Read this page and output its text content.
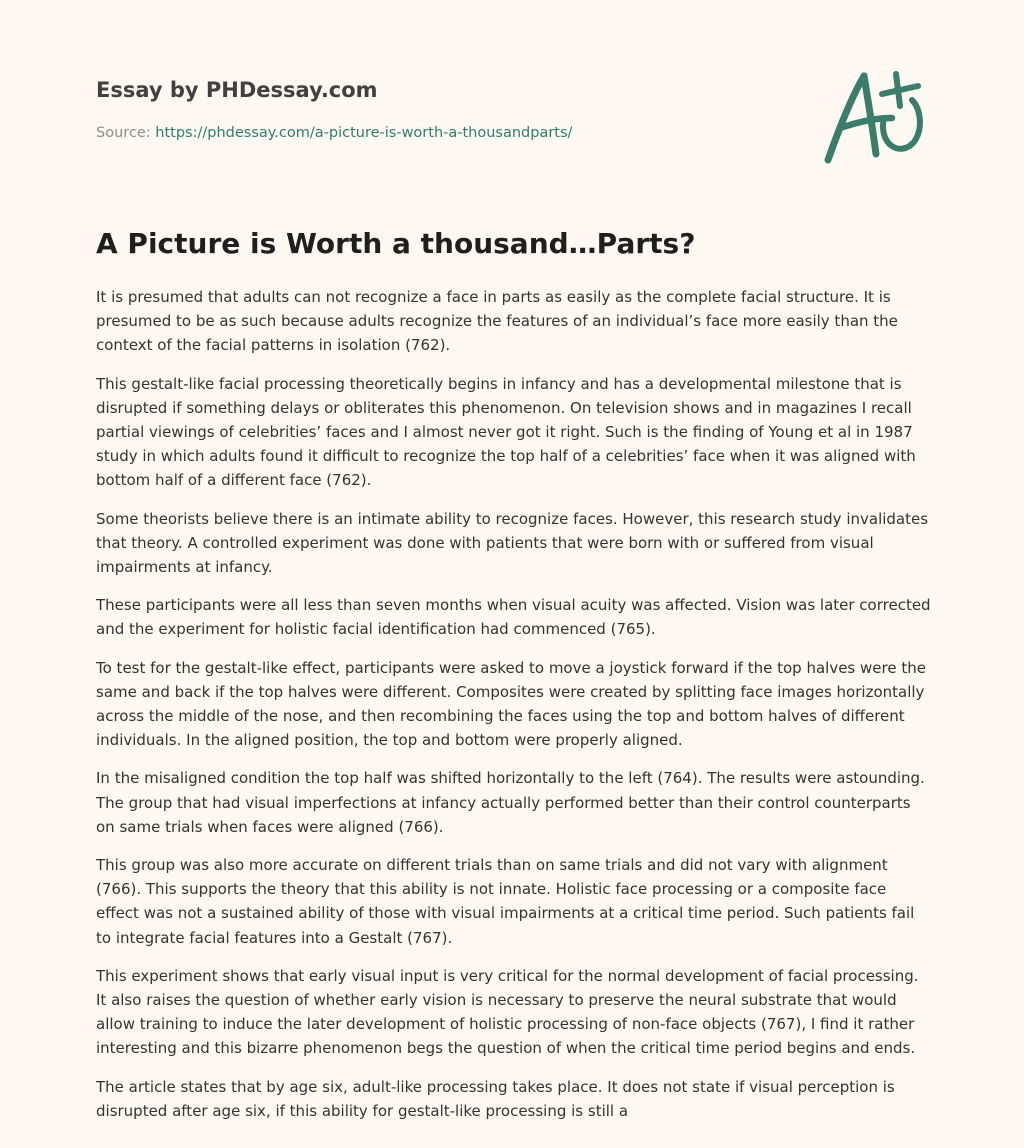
Essay by PHDessay.com
Source: https://phdessay.com/a-picture-is-worth-a-thousandparts/
A Picture is Worth a thousand…Parts?

It is presumed that adults can not recognize a face in parts as easily as the complete facial structure. It is presumed to be as such because adults recognize the features of an individual’s face more easily than the context of the facial patterns in isolation (762).

This gestalt-like facial processing theoretically begins in infancy and has a developmental milestone that is disrupted if something delays or obliterates this phenomenon. On television shows and in magazines I recall partial viewings of celebrities’ faces and I almost never got it right. Such is the finding of Young et al in 1987 study in which adults found it difficult to recognize the top half of a celebrities’ face when it was aligned with bottom half of a different face (762).

Some theorists believe there is an intimate ability to recognize faces. However, this research study invalidates that theory. A controlled experiment was done with patients that were born with or suffered from visual impairments at infancy.

These participants were all less than seven months when visual acuity was affected. Vision was later corrected and the experiment for holistic facial identification had commenced (765).

To test for the gestalt-like effect, participants were asked to move a joystick forward if the top halves were the same and back if the top halves were different. Composites were created by splitting face images horizontally across the middle of the nose, and then recombining the faces using the top and bottom halves of different individuals. In the aligned position, the top and bottom were properly aligned.

In the misaligned condition the top half was shifted horizontally to the left (764). The results were astounding. The group that had visual imperfections at infancy actually performed better than their control counterparts on same trials when faces were aligned (766).

This group was also more accurate on different trials than on same trials and did not vary with alignment (766). This supports the theory that this ability is not innate. Holistic face processing or a composite face effect was not a sustained ability of those with visual impairments at a critical time period. Such patients fail to integrate facial features into a Gestalt (767).

This experiment shows that early visual input is very critical for the normal development of facial processing. It also raises the question of whether early vision is necessary to preserve the neural substrate that would allow training to induce the later development of holistic processing of non-face objects (767), I find it rather interesting and this bizarre phenomenon begs the question of when the critical time period begins and ends.

The article states that by age six, adult-like processing takes place. It does not state if visual perception is disrupted after age six, if this ability for gestalt-like processing is still a
